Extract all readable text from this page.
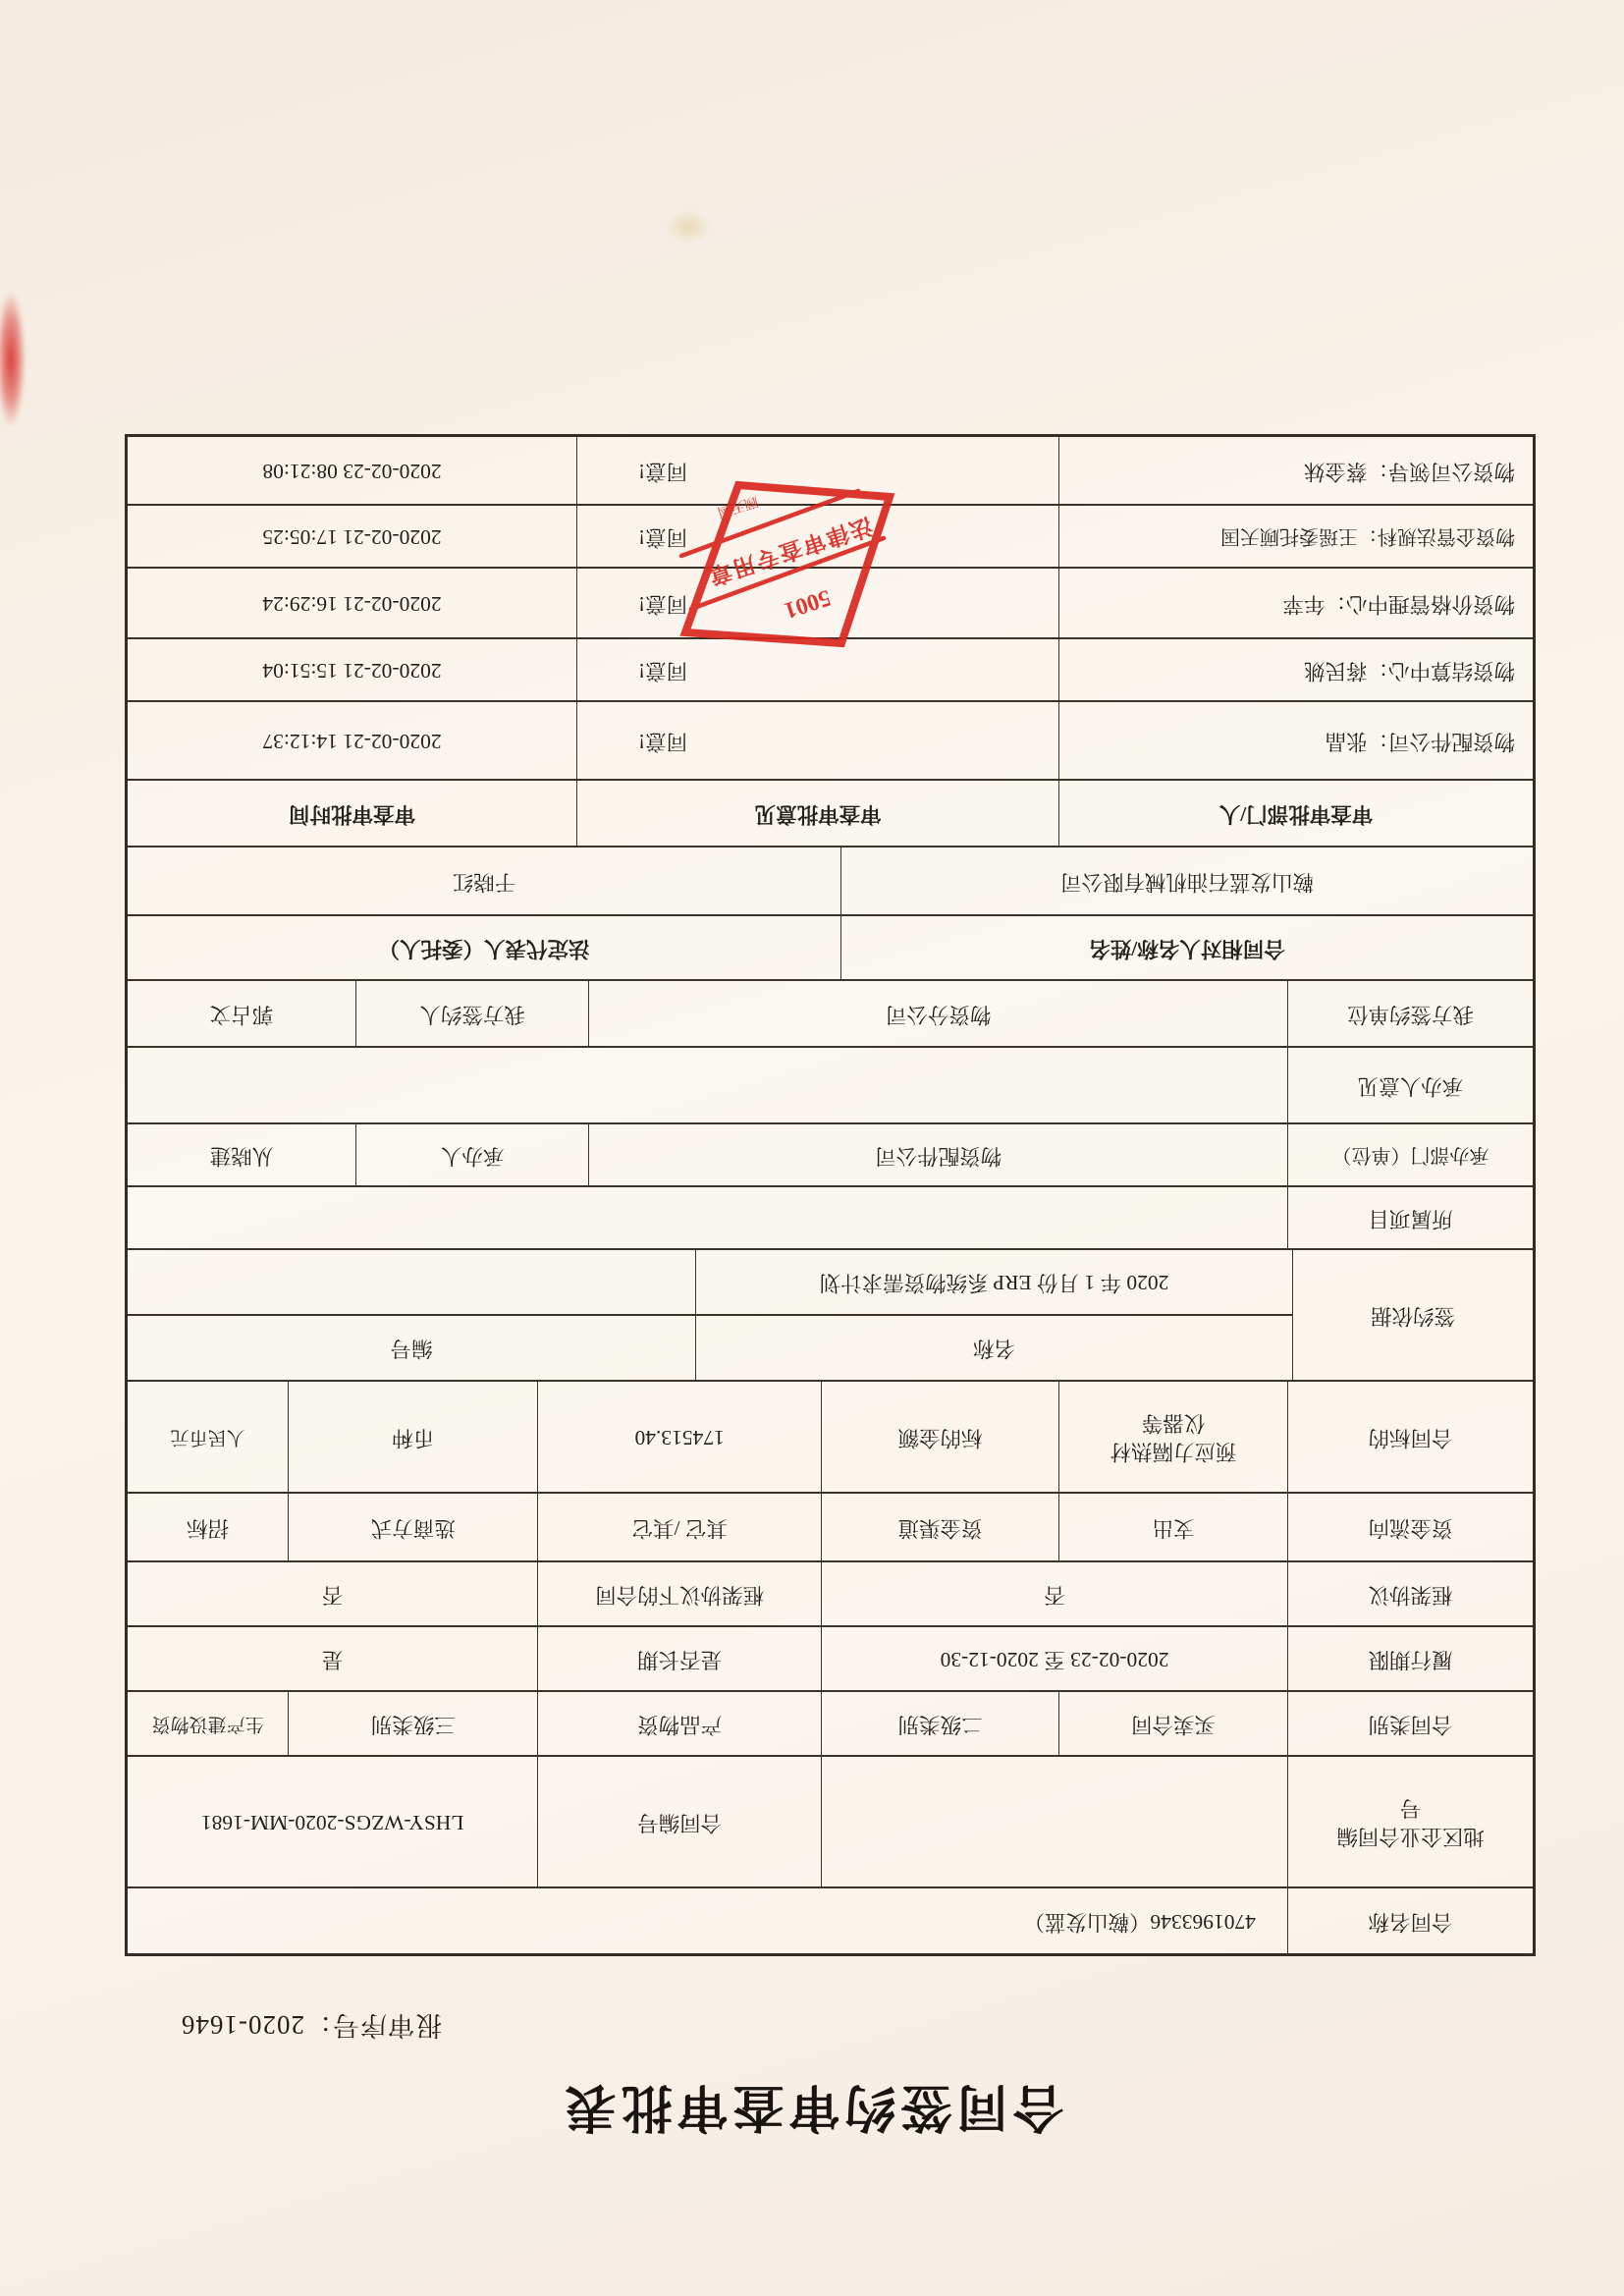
合同签约审查审批表
报审序号：2020-1646
合同名称
4701963346（鞍山发蓝）
地区企业合同编号
合同编号
LHSY-WZGS-2020-MM-1681
合同类别
买卖合同
二级类别
产品物资
三级类别
生产建设物资
履行期限
2020-02-23 至 2020-12-30
是否长期
是
框架协议
否
框架协议下的合同
否
资金流向
支出
资金渠道
其它 /其它
选商方式
招标
合同标的
预应力隔热材
仪器等
标的金额
174513.40
币种
人民币元
签约依据
名称
编号
2020 年 1 月份 ERP 系统物资需求计划
所属项目
承办部门（单位）
物资配件公司
承办人
从晓建
承办人意见
我方签约单位
物资分公司
我方签约人
郭占文
合同相对人名称/姓名
法定代表人（委托人）
鞍山发蓝石油机械有限公司
于晓红
审查审批部门/人
审查审批意见
审查审批时间
物资配件公司：张晶
同意!
2020-02-21 14:12:37
物资结算中心：蒋民姚
同意!
2020-02-21 15:51:04
物资价格管理中心：年苹
同意!
2020-02-21 16:29:24
物资企管法规科：王瑶委托顾天国
同意!
2020-02-21 17:05:25
物资公司领导：蔡金妹
同意!
2020-02-23 08:21:08
5001
法律审查专用章
顾天国
